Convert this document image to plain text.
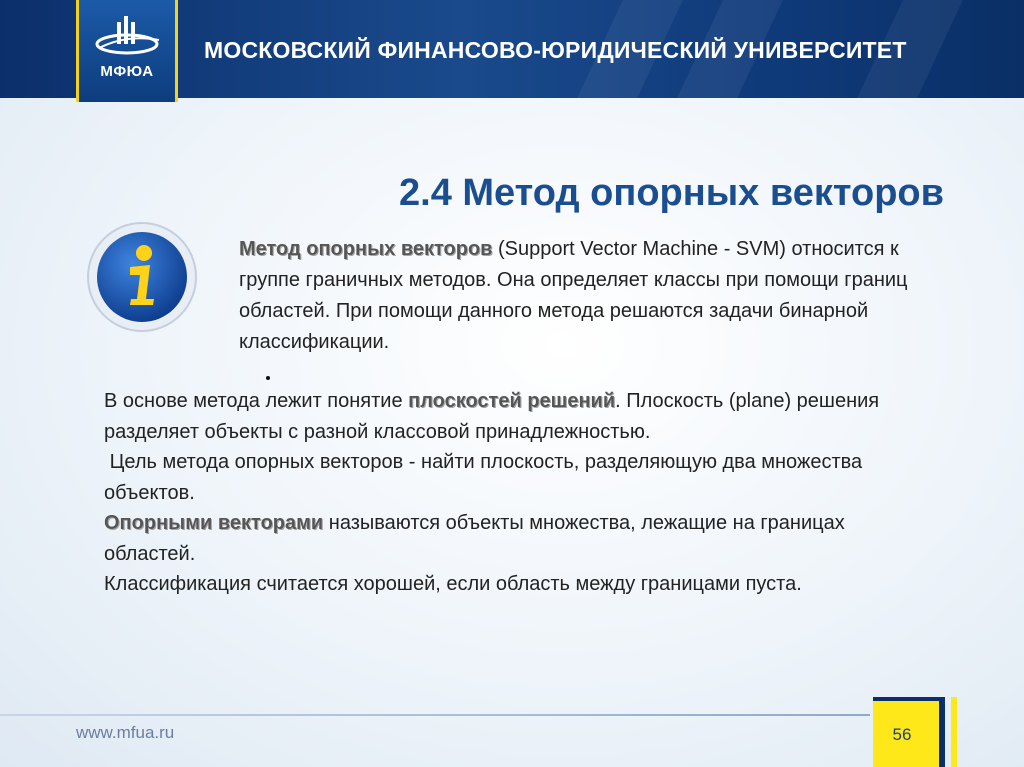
МОСКОВСКИЙ ФИНАНСОВО-ЮРИДИЧЕСКИЙ УНИВЕРСИТЕТ
МФЮА
2.4 Метод опорных векторов
Метод опорных векторов (Support Vector Machine - SVM) относится к группе граничных методов. Она определяет классы при помощи границ областей. При помощи данного метода решаются задачи бинарной классификации.
В основе метода лежит понятие плоскостей решений. Плоскость (plane) решения разделяет объекты с разной классовой принадлежностью.
Цель метода опорных векторов - найти плоскость, разделяющую два множества объектов.
Опорными векторами называются объекты множества, лежащие на границах областей.
Классификация считается хорошей, если область между границами пуста.
www.mfua.ru	56
